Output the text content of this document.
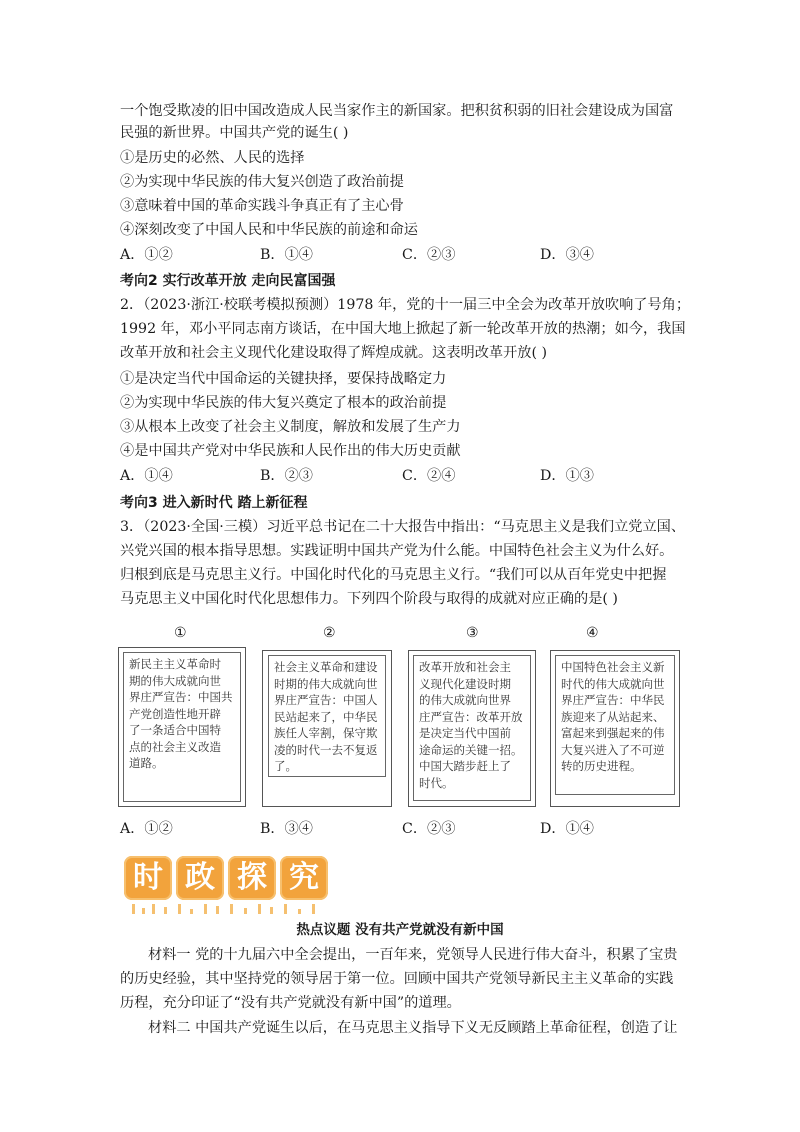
一个饱受欺凌的旧中国改造成人民当家作主的新国家。把积贫积弱的旧社会建设成为国富
民强的新世界。中国共产党的诞生( )
①是历史的必然、人民的选择
②为实现中华民族的伟大复兴创造了政治前提
③意味着中国的革命实践斗争真正有了主心骨
④深刻改变了中国人民和中华民族的前途和命运
A．①②	B．①④	C．②③	D．③④
考向2 实行改革开放 走向民富国强
2．（2023·浙江·校联考模拟预测）1978 年，党的十一届三中全会为改革开放吹响了号角；
1992 年，邓小平同志南方谈话，在中国大地上掀起了新一轮改革开放的热潮；如今，我国
改革开放和社会主义现代化建设取得了辉煌成就。这表明改革开放( )
①是决定当代中国命运的关键抉择，要保持战略定力
②为实现中华民族的伟大复兴奠定了根本的政治前提
③从根本上改变了社会主义制度，解放和发展了生产力
④是中国共产党对中华民族和人民作出的伟大历史贡献
A．①④	B．②③	C．②④	D．①③
考向3 进入新时代 踏上新征程
3．（2023·全国·三模）习近平总书记在二十大报告中指出：“马克思主义是我们立党立国、
兴党兴国的根本指导思想。实践证明中国共产党为什么能。中国特色社会主义为什么好。
归根到底是马克思主义行。中国化时代化的马克思主义行。“我们可以从百年党史中把握
马克思主义中国化时代化思想伟力。下列四个阶段与取得的成就对应正确的是( )
①	②	③	④
新民主主义革命时
期的伟大成就向世
界庄严宣告：中国共
产党创造性地开辟
了一条适合中国特
点的社会主义改造
道路。
社会主义革命和建设
时期的伟大成就向世
界庄严宣告：中国人
民站起来了，中华民
族任人宰割，保守欺
凌的时代一去不复返
了。
改革开放和社会主
义现代化建设时期
的伟大成就向世界
庄严宣告：改革开放
是决定当代中国前
途命运的关键一招。
中国大踏步赶上了
时代。
中国特色社会主义新
时代的伟大成就向世
界庄严宣告：中华民
族迎来了从站起来、
富起来到强起来的伟
大复兴进入了不可逆
转的历史进程。
A．①②	B．③④	C．②③	D．①④
时 政 探 究
热点议题 没有共产党就没有新中国
材料一 党的十九届六中全会提出，一百年来，党领导人民进行伟大奋斗，积累了宝贵
的历史经验，其中坚持党的领导居于第一位。回顾中国共产党领导新民主主义革命的实践
历程，充分印证了“没有共产党就没有新中国”的道理。
材料二 中国共产党诞生以后，在马克思主义指导下义无反顾踏上革命征程，创造了让
